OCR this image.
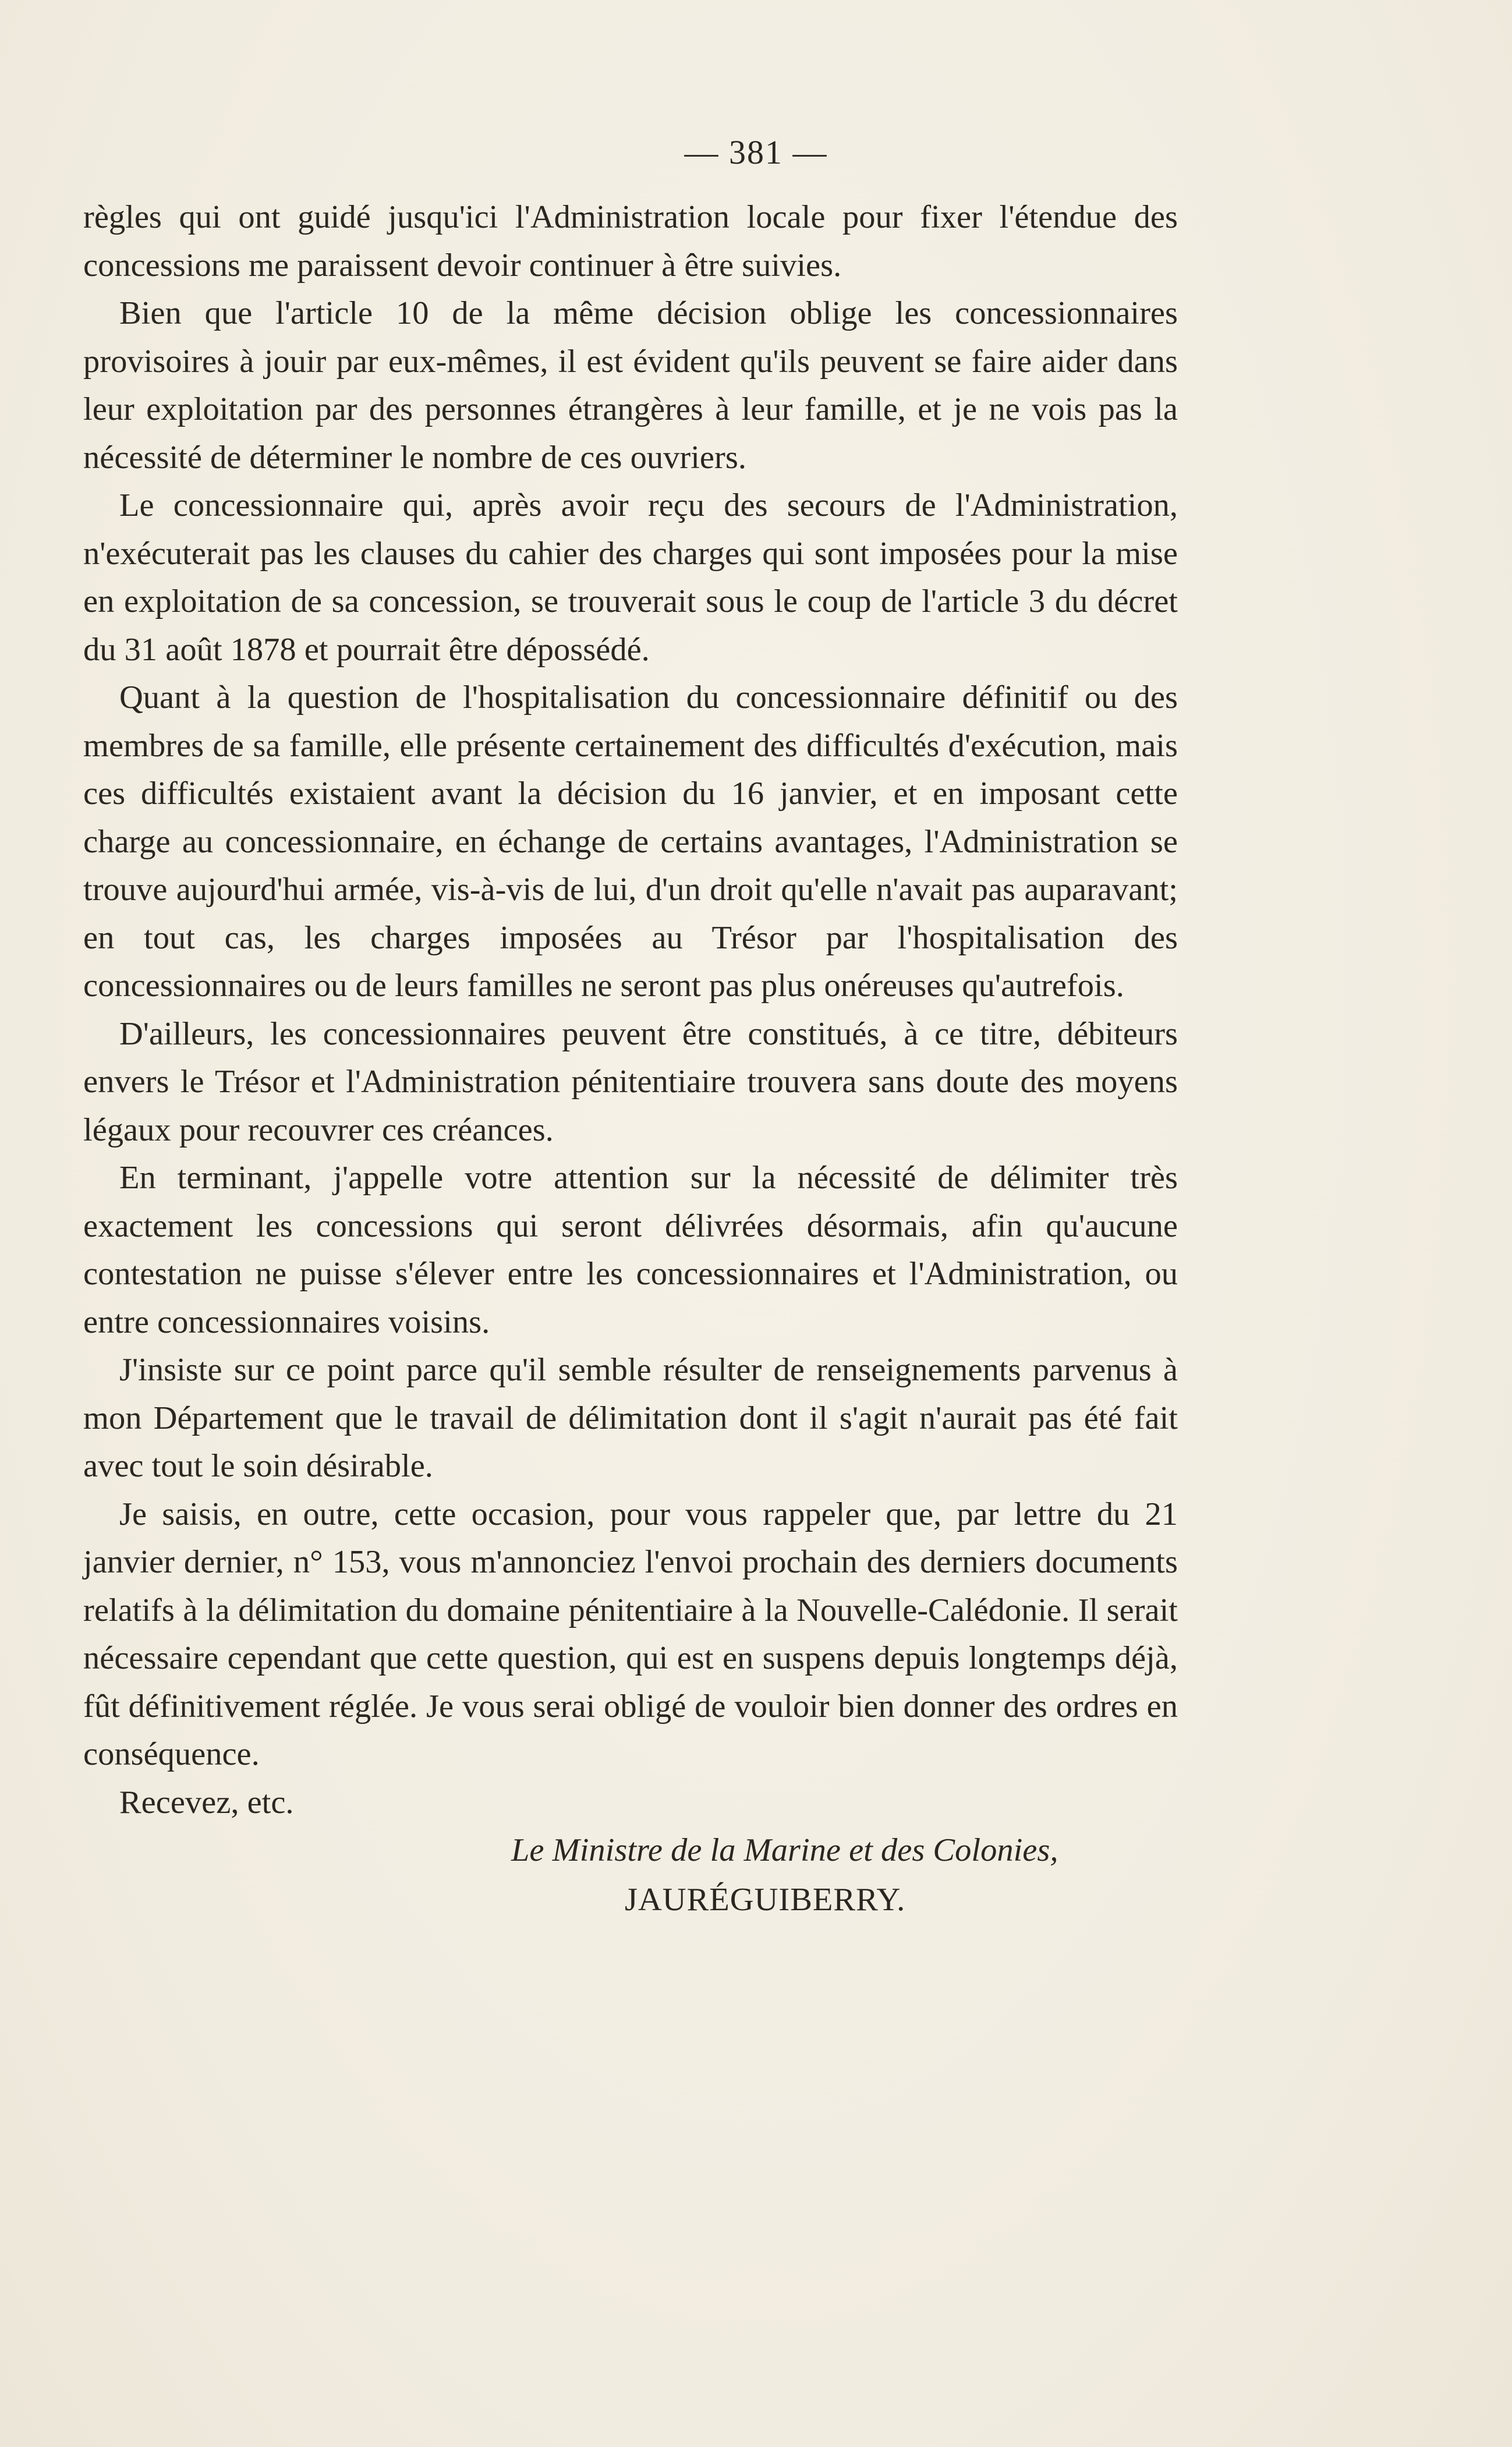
— 381 —

règles qui ont guidé jusqu'ici l'Administration locale pour fixer l'étendue des concessions me paraissent devoir continuer à être suivies.

Bien que l'article 10 de la même décision oblige les concessionnaires provisoires à jouir par eux-mêmes, il est évident qu'ils peuvent se faire aider dans leur exploitation par des personnes étrangères à leur famille, et je ne vois pas la nécessité de déterminer le nombre de ces ouvriers.

Le concessionnaire qui, après avoir reçu des secours de l'Administration, n'exécuterait pas les clauses du cahier des charges qui sont imposées pour la mise en exploitation de sa concession, se trouverait sous le coup de l'article 3 du décret du 31 août 1878 et pourrait être dépossédé.

Quant à la question de l'hospitalisation du concessionnaire définitif ou des membres de sa famille, elle présente certainement des difficultés d'exécution, mais ces difficultés existaient avant la décision du 16 janvier, et en imposant cette charge au concessionnaire, en échange de certains avantages, l'Administration se trouve aujourd'hui armée, vis-à-vis de lui, d'un droit qu'elle n'avait pas auparavant; en tout cas, les charges imposées au Trésor par l'hospitalisation des concessionnaires ou de leurs familles ne seront pas plus onéreuses qu'autrefois.

D'ailleurs, les concessionnaires peuvent être constitués, à ce titre, débiteurs envers le Trésor et l'Administration pénitentiaire trouvera sans doute des moyens légaux pour recouvrer ces créances.

En terminant, j'appelle votre attention sur la nécessité de délimiter très exactement les concessions qui seront délivrées désormais, afin qu'aucune contestation ne puisse s'élever entre les concessionnaires et l'Administration, ou entre concessionnaires voisins.

J'insiste sur ce point parce qu'il semble résulter de renseignements parvenus à mon Département que le travail de délimitation dont il s'agit n'aurait pas été fait avec tout le soin désirable.

Je saisis, en outre, cette occasion, pour vous rappeler que, par lettre du 21 janvier dernier, n° 153, vous m'annonciez l'envoi prochain des derniers documents relatifs à la délimitation du domaine pénitentiaire à la Nouvelle-Calédonie. Il serait nécessaire cependant que cette question, qui est en suspens depuis longtemps déjà, fût définitivement réglée. Je vous serai obligé de vouloir bien donner des ordres en conséquence.

Recevez, etc.

Le Ministre de la Marine et des Colonies,

JAURÉGUIBERRY.
